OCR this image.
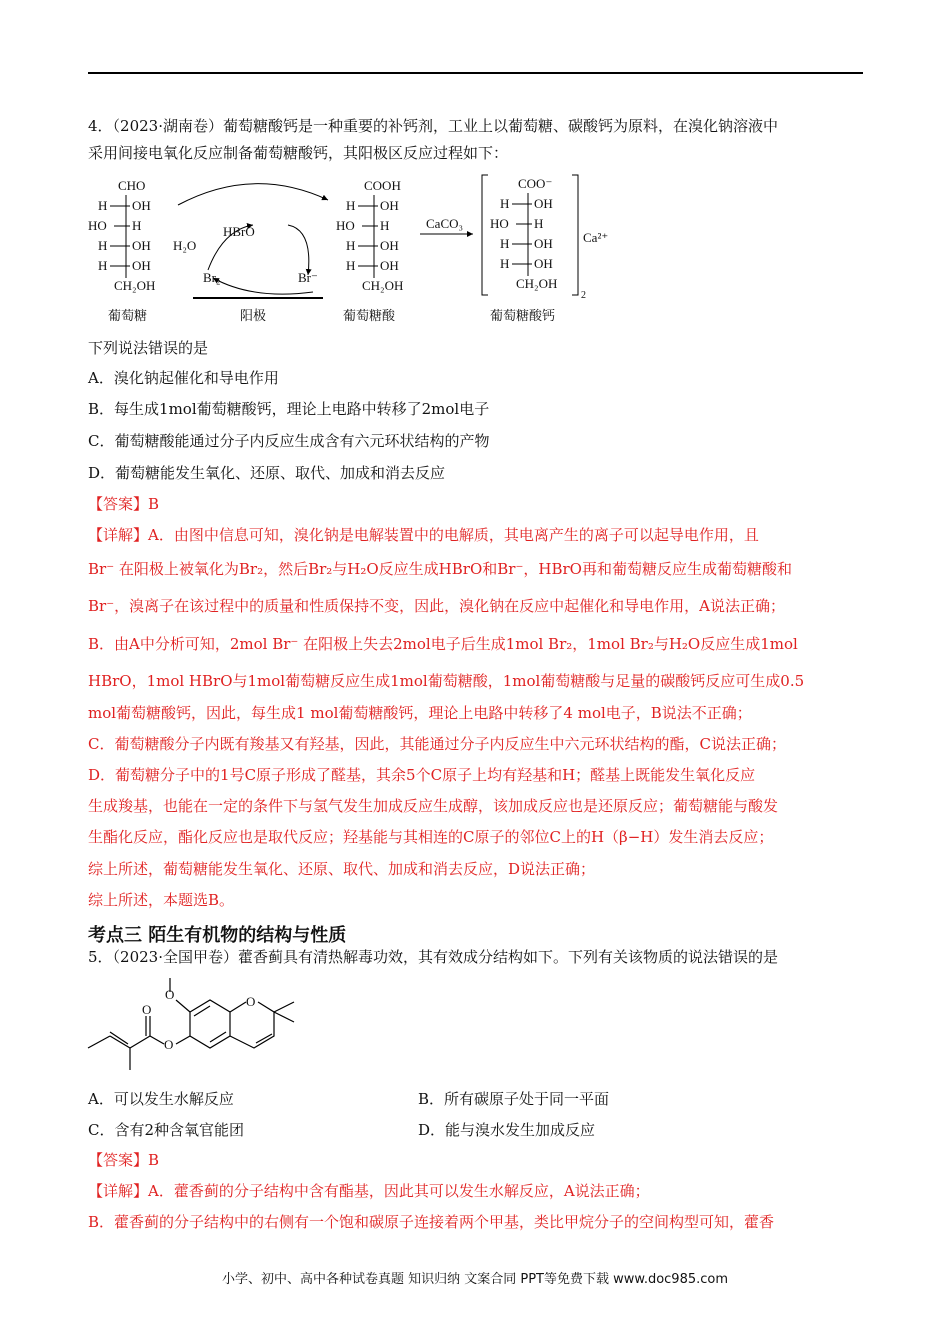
4．（2023·湖南卷）葡萄糖酸钙是一种重要的补钙剂，工业上以葡萄糖、碳酸钙为原料，在溴化钠溶液中
采用间接电氧化反应制备葡萄糖酸钙，其阳极区反应过程如下：
CHO
H OH
HO H
H OH
H OH
CH₂OH
葡萄糖
HBrO
H₂O
Br₂	Br⁻
阳极
COOH
H OH
HO H
H OH
H OH
CH₂OH
葡萄糖酸
CaCO₃
COO⁻
H OH
HO H
H OH
H OH
CH₂OH
Ca²⁺
2
葡萄糖酸钙
下列说法错误的是
A．溴化钠起催化和导电作用
B．每生成1mol葡萄糖酸钙，理论上电路中转移了2mol电子
C．葡萄糖酸能通过分子内反应生成含有六元环状结构的产物
D．葡萄糖能发生氧化、还原、取代、加成和消去反应
【答案】B
【详解】A．由图中信息可知，溴化钠是电解装置中的电解质，其电离产生的离子可以起导电作用，且
Br⁻ 在阳极上被氧化为Br₂，然后Br₂与H₂O反应生成HBrO和Br⁻，HBrO再和葡萄糖反应生成葡萄糖酸和
Br⁻，溴离子在该过程中的质量和性质保持不变，因此，溴化钠在反应中起催化和导电作用，A说法正确；
B．由A中分析可知，2mol Br⁻ 在阳极上失去2mol电子后生成1mol Br₂，1mol Br₂与H₂O反应生成1mol
HBrO，1mol HBrO与1mol葡萄糖反应生成1mol葡萄糖酸，1mol葡萄糖酸与足量的碳酸钙反应可生成0.5
mol葡萄糖酸钙，因此，每生成1 mol葡萄糖酸钙，理论上电路中转移了4 mol电子，B说法不正确；
C．葡萄糖酸分子内既有羧基又有羟基，因此，其能通过分子内反应生中六元环状结构的酯，C说法正确；
D．葡萄糖分子中的1号C原子形成了醛基，其余5个C原子上均有羟基和H；醛基上既能发生氧化反应
生成羧基，也能在一定的条件下与氢气发生加成反应生成醇，该加成反应也是还原反应；葡萄糖能与酸发
生酯化反应，酯化反应也是取代反应；羟基能与其相连的C原子的邻位C上的H（β−H）发生消去反应；
综上所述，葡萄糖能发生氧化、还原、取代、加成和消去反应，D说法正确；
综上所述，本题选B。
考点三 陌生有机物的结构与性质
5．（2023·全国甲卷）藿香蓟具有清热解毒功效，其有效成分结构如下。下列有关该物质的说法错误的是
O	O
O
O
A．可以发生水解反应	B．所有碳原子处于同一平面
C．含有2种含氧官能团	D．能与溴水发生加成反应
【答案】B
【详解】A．藿香蓟的分子结构中含有酯基，因此其可以发生水解反应，A说法正确；
B．藿香蓟的分子结构中的右侧有一个饱和碳原子连接着两个甲基，类比甲烷分子的空间构型可知，藿香
小学、初中、高中各种试卷真题 知识归纳 文案合同 PPT等免费下载 www.doc985.com
